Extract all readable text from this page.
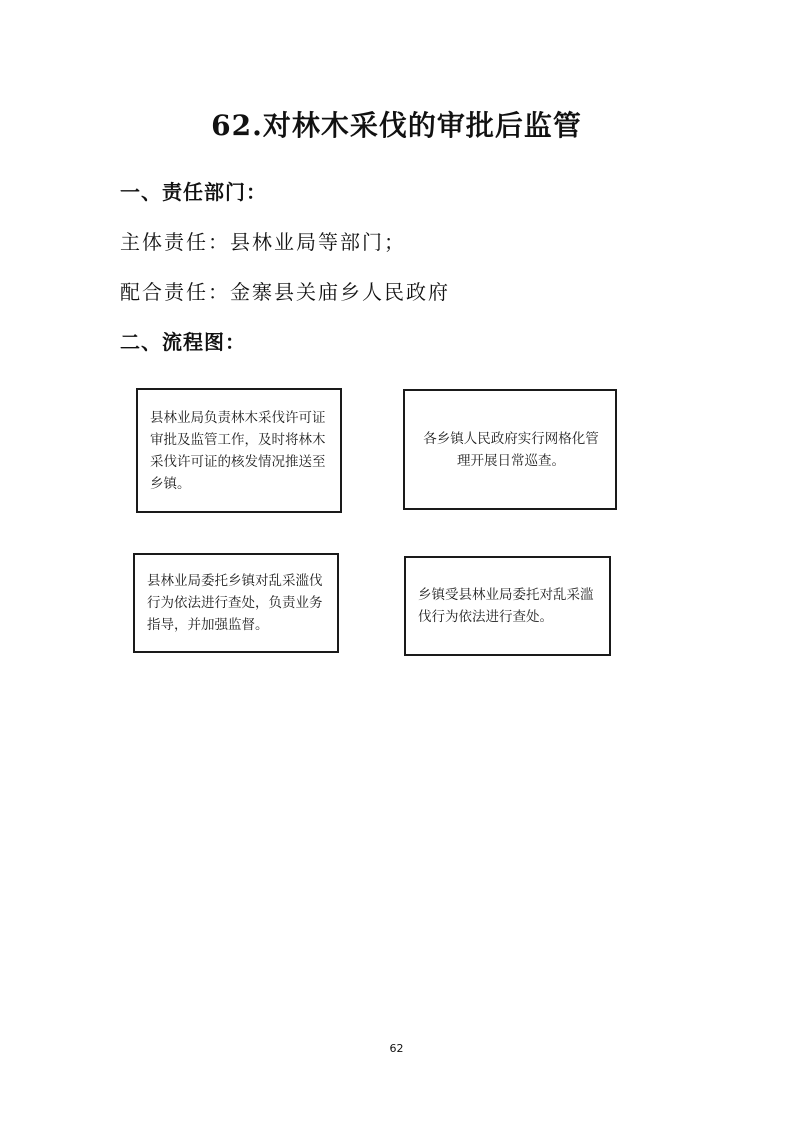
62.对林木采伐的审批后监管
一、责任部门：
主体责任：县林业局等部门；
配合责任：金寨县关庙乡人民政府
二、流程图：
县林业局负责林木采伐许可证审批及监管工作，及时将林木采伐许可证的核发情况推送至乡镇。
各乡镇人民政府实行网格化管理开展日常巡查。
县林业局委托乡镇对乱采滥伐行为依法进行查处，负责业务指导，并加强监督。
乡镇受县林业局委托对乱采滥伐行为依法进行查处。
62
